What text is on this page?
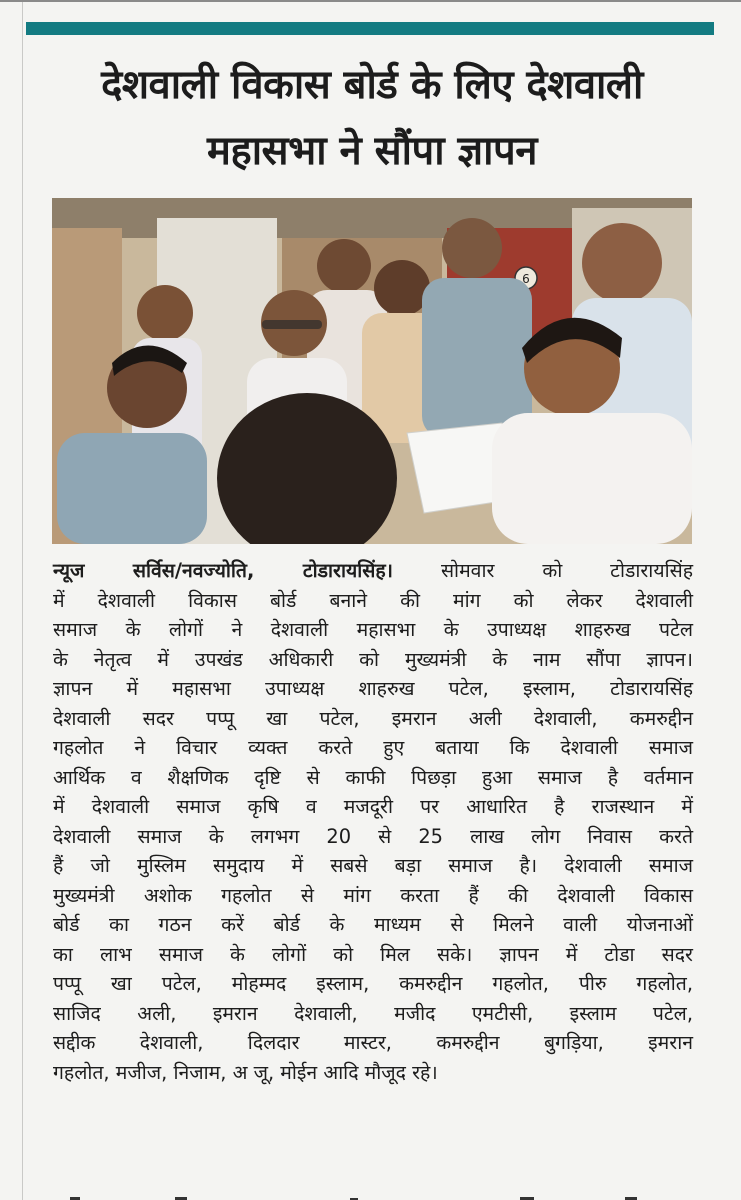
देशवाली विकास बोर्ड के लिए देशवाली
महासभा ने सौंपा ज्ञापन
6
न्यूज सर्विस/नवज्योति, टोडारायसिंह। सोमवार को टोडारायसिंह
में देशवाली विकास बोर्ड बनाने की मांग को लेकर देशवाली
समाज के लोगों ने देशवाली महासभा के उपाध्यक्ष शाहरुख पटेल
के नेतृत्व में उपखंड अधिकारी को मुख्यमंत्री के नाम सौंपा ज्ञापन।
ज्ञापन में महासभा उपाध्यक्ष शाहरुख पटेल, इस्लाम, टोडारायसिंह
देशवाली सदर पप्पू खा पटेल, इमरान अली देशवाली, कमरुद्दीन
गहलोत ने विचार व्यक्त करते हुए बताया कि देशवाली समाज
आर्थिक व शैक्षणिक दृष्टि से काफी पिछड़ा हुआ समाज है वर्तमान
में देशवाली समाज कृषि व मजदूरी पर आधारित है राजस्थान में
देशवाली समाज के लगभग 20 से 25 लाख लोग निवास करते
हैं जो मुस्लिम समुदाय में सबसे बड़ा समाज है। देशवाली समाज
मुख्यमंत्री अशोक गहलोत से मांग करता हैं की देशवाली विकास
बोर्ड का गठन करें बोर्ड के माध्यम से मिलने वाली योजनाओं
का लाभ समाज के लोगों को मिल सके। ज्ञापन में टोडा सदर
पप्पू खा पटेल, मोहम्मद इस्लाम, कमरुद्दीन गहलोत, पीरु गहलोत,
साजिद अली, इमरान देशवाली, मजीद एमटीसी, इस्लाम पटेल,
सद्दीक देशवाली, दिलदार मास्टर, कमरुद्दीन बुगड़िया, इमरान
गहलोत, मजीज, निजाम, अ जू, मोईन आदि मौजूद रहे।
